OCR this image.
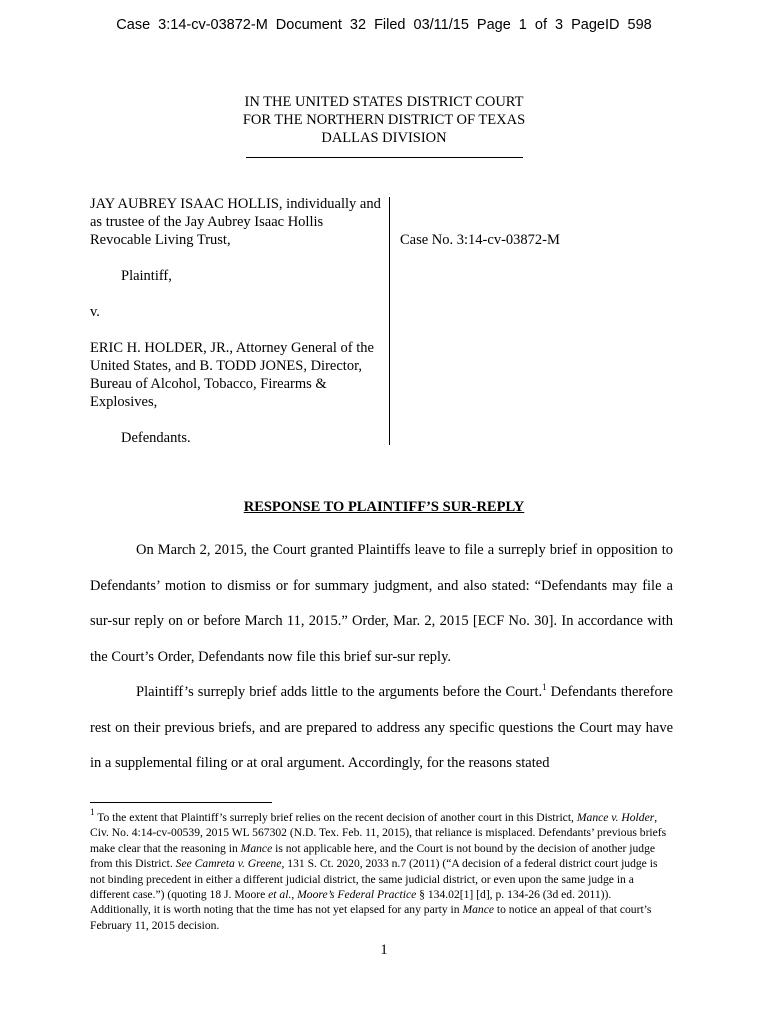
Case 3:14-cv-03872-M Document 32 Filed 03/11/15 Page 1 of 3 PageID 598
IN THE UNITED STATES DISTRICT COURT
FOR THE NORTHERN DISTRICT OF TEXAS
DALLAS DIVISION

JAY AUBREY ISAAC HOLLIS, individually and as trustee of the Jay Aubrey Isaac Hollis Revocable Living Trust,

Plaintiff,

v.

ERIC H. HOLDER, JR., Attorney General of the United States, and B. TODD JONES, Director, Bureau of Alcohol, Tobacco, Firearms & Explosives,

Defendants.

Case No. 3:14-cv-03872-M
RESPONSE TO PLAINTIFF’S SUR-REPLY

On March 2, 2015, the Court granted Plaintiffs leave to file a surreply brief in opposition to Defendants’ motion to dismiss or for summary judgment, and also stated: “Defendants may file a sur-sur reply on or before March 11, 2015.” Order, Mar. 2, 2015 [ECF No. 30]. In accordance with the Court’s Order, Defendants now file this brief sur-sur reply.

Plaintiff’s surreply brief adds little to the arguments before the Court.$^1$ Defendants therefore rest on their previous briefs, and are prepared to address any specific questions the Court may have in a supplemental filing or at oral argument. Accordingly, for the reasons stated

$^1$ To the extent that Plaintiff’s surreply brief relies on the recent decision of another court in this District, Mance v. Holder, Civ. No. 4:14-cv-00539, 2015 WL 567302 (N.D. Tex. Feb. 11, 2015), that reliance is misplaced. Defendants’ previous briefs make clear that the reasoning in Mance is not applicable here, and the Court is not bound by the decision of another judge from this District. See Camreta v. Greene, 131 S. Ct. 2020, 2033 n.7 (2011) (“A decision of a federal district court judge is not binding precedent in either a different judicial district, the same judicial district, or even upon the same judge in a different case.”) (quoting 18 J. Moore et al., Moore’s Federal Practice § 134.02[1] [d], p. 134-26 (3d ed. 2011)). Additionally, it is worth noting that the time has not yet elapsed for any party in Mance to notice an appeal of that court’s February 11, 2015 decision.
1
